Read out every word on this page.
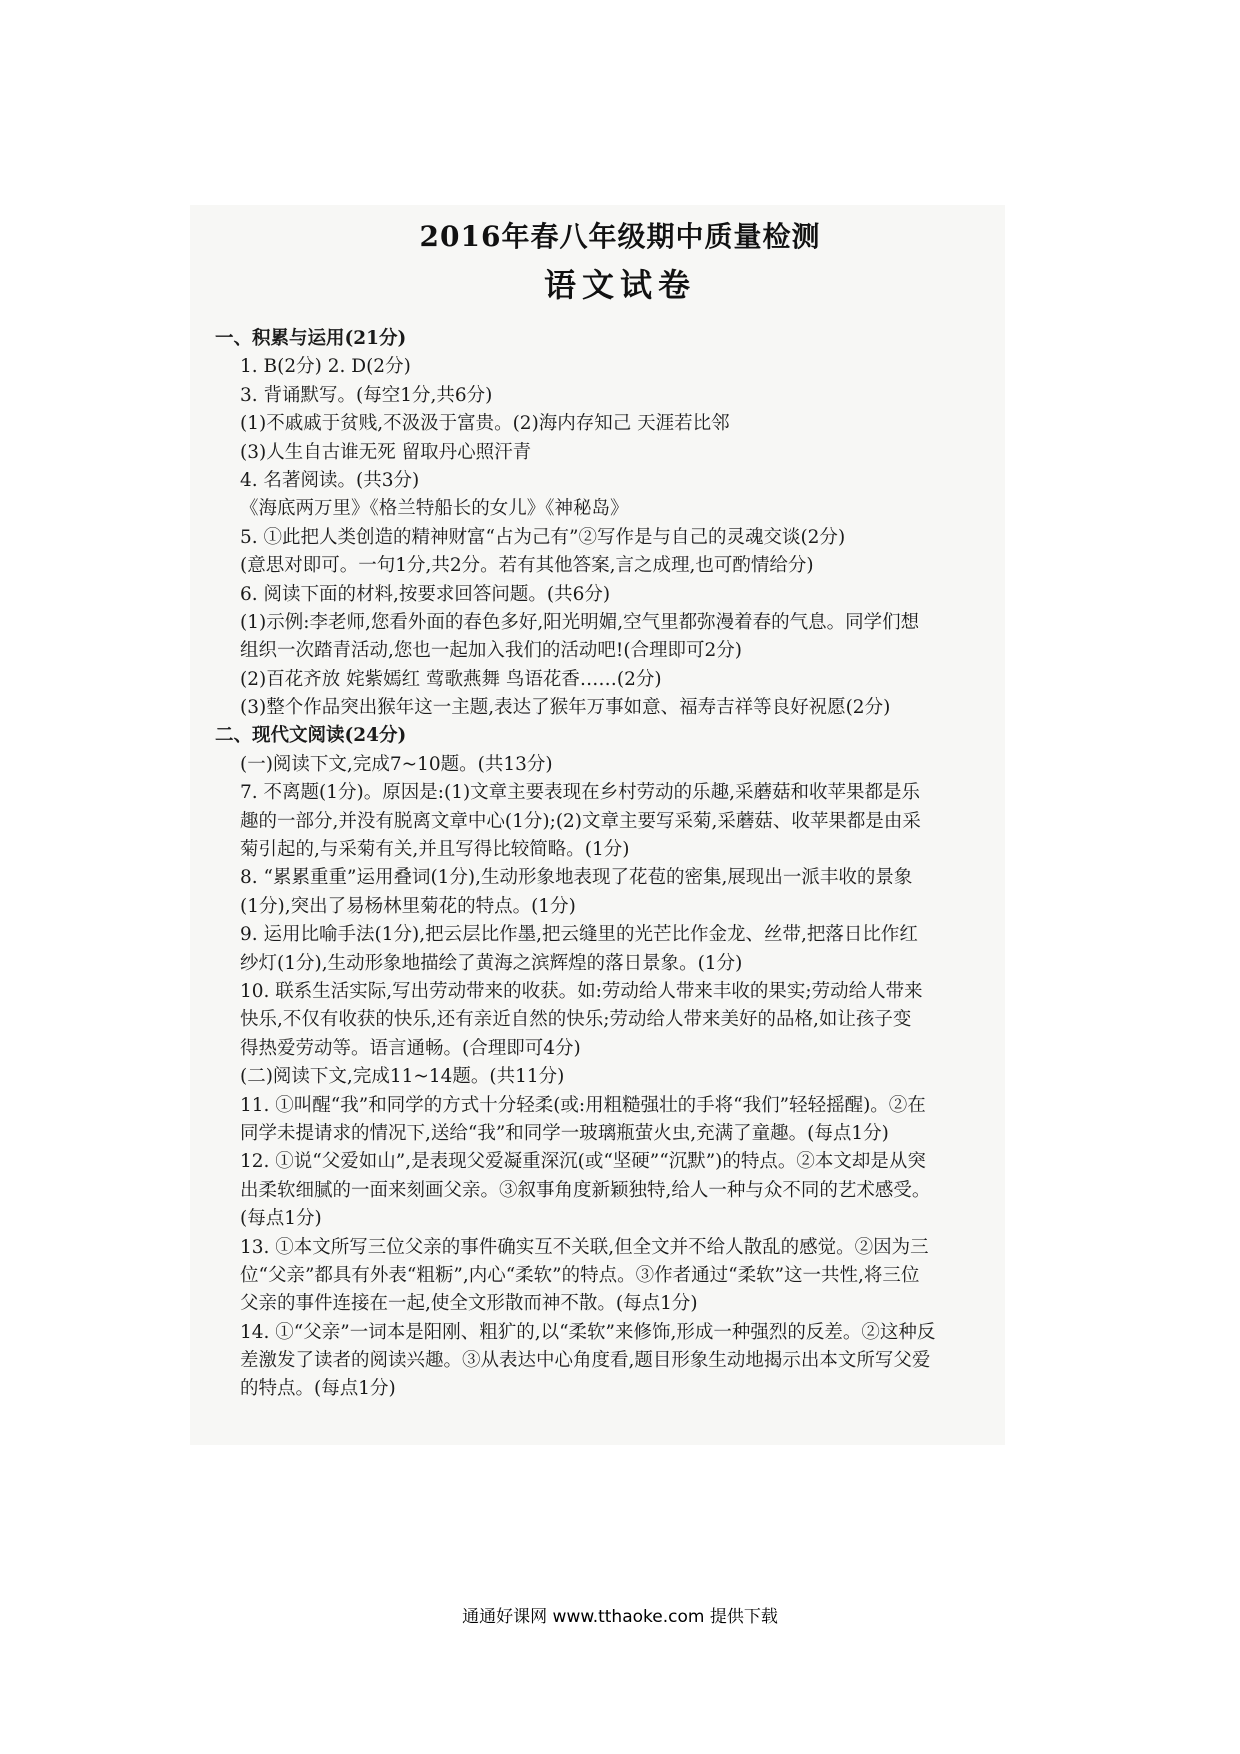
2016年春八年级期中质量检测
语文试卷
一、积累与运用(21分)
1. B(2分) 2. D(2分)
3. 背诵默写。(每空1分,共6分)
(1)不戚戚于贫贱,不汲汲于富贵。(2)海内存知己 天涯若比邻
(3)人生自古谁无死 留取丹心照汗青
4. 名著阅读。(共3分)
《海底两万里》《格兰特船长的女儿》《神秘岛》
5. ①此把人类创造的精神财富“占为己有”②写作是与自己的灵魂交谈(2分)
(意思对即可。一句1分,共2分。若有其他答案,言之成理,也可酌情给分)
6. 阅读下面的材料,按要求回答问题。(共6分)
(1)示例:李老师,您看外面的春色多好,阳光明媚,空气里都弥漫着春的气息。同学们想
组织一次踏青活动,您也一起加入我们的活动吧!(合理即可2分)
(2)百花齐放 姹紫嫣红 莺歌燕舞 鸟语花香……(2分)
(3)整个作品突出猴年这一主题,表达了猴年万事如意、福寿吉祥等良好祝愿(2分)
二、现代文阅读(24分)
(一)阅读下文,完成7~10题。(共13分)
7. 不离题(1分)。原因是:(1)文章主要表现在乡村劳动的乐趣,采蘑菇和收苹果都是乐
趣的一部分,并没有脱离文章中心(1分);(2)文章主要写采菊,采蘑菇、收苹果都是由采
菊引起的,与采菊有关,并且写得比较简略。(1分)
8. “累累重重”运用叠词(1分),生动形象地表现了花苞的密集,展现出一派丰收的景象
(1分),突出了易杨林里菊花的特点。(1分)
9. 运用比喻手法(1分),把云层比作墨,把云缝里的光芒比作金龙、丝带,把落日比作红
纱灯(1分),生动形象地描绘了黄海之滨辉煌的落日景象。(1分)
10. 联系生活实际,写出劳动带来的收获。如:劳动给人带来丰收的果实;劳动给人带来
快乐,不仅有收获的快乐,还有亲近自然的快乐;劳动给人带来美好的品格,如让孩子变
得热爱劳动等。语言通畅。(合理即可4分)
(二)阅读下文,完成11~14题。(共11分)
11. ①叫醒“我”和同学的方式十分轻柔(或:用粗糙强壮的手将“我们”轻轻摇醒)。②在
同学未提请求的情况下,送给“我”和同学一玻璃瓶萤火虫,充满了童趣。(每点1分)
12. ①说“父爱如山”,是表现父爱凝重深沉(或“坚硬”“沉默”)的特点。②本文却是从突
出柔软细腻的一面来刻画父亲。③叙事角度新颖独特,给人一种与众不同的艺术感受。
(每点1分)
13. ①本文所写三位父亲的事件确实互不关联,但全文并不给人散乱的感觉。②因为三
位“父亲”都具有外表“粗粝”,内心“柔软”的特点。③作者通过“柔软”这一共性,将三位
父亲的事件连接在一起,使全文形散而神不散。(每点1分)
14. ①“父亲”一词本是阳刚、粗犷的,以“柔软”来修饰,形成一种强烈的反差。②这种反
差激发了读者的阅读兴趣。③从表达中心角度看,题目形象生动地揭示出本文所写父爱
的特点。(每点1分)
通通好课网 www.tthaoke.com 提供下载
